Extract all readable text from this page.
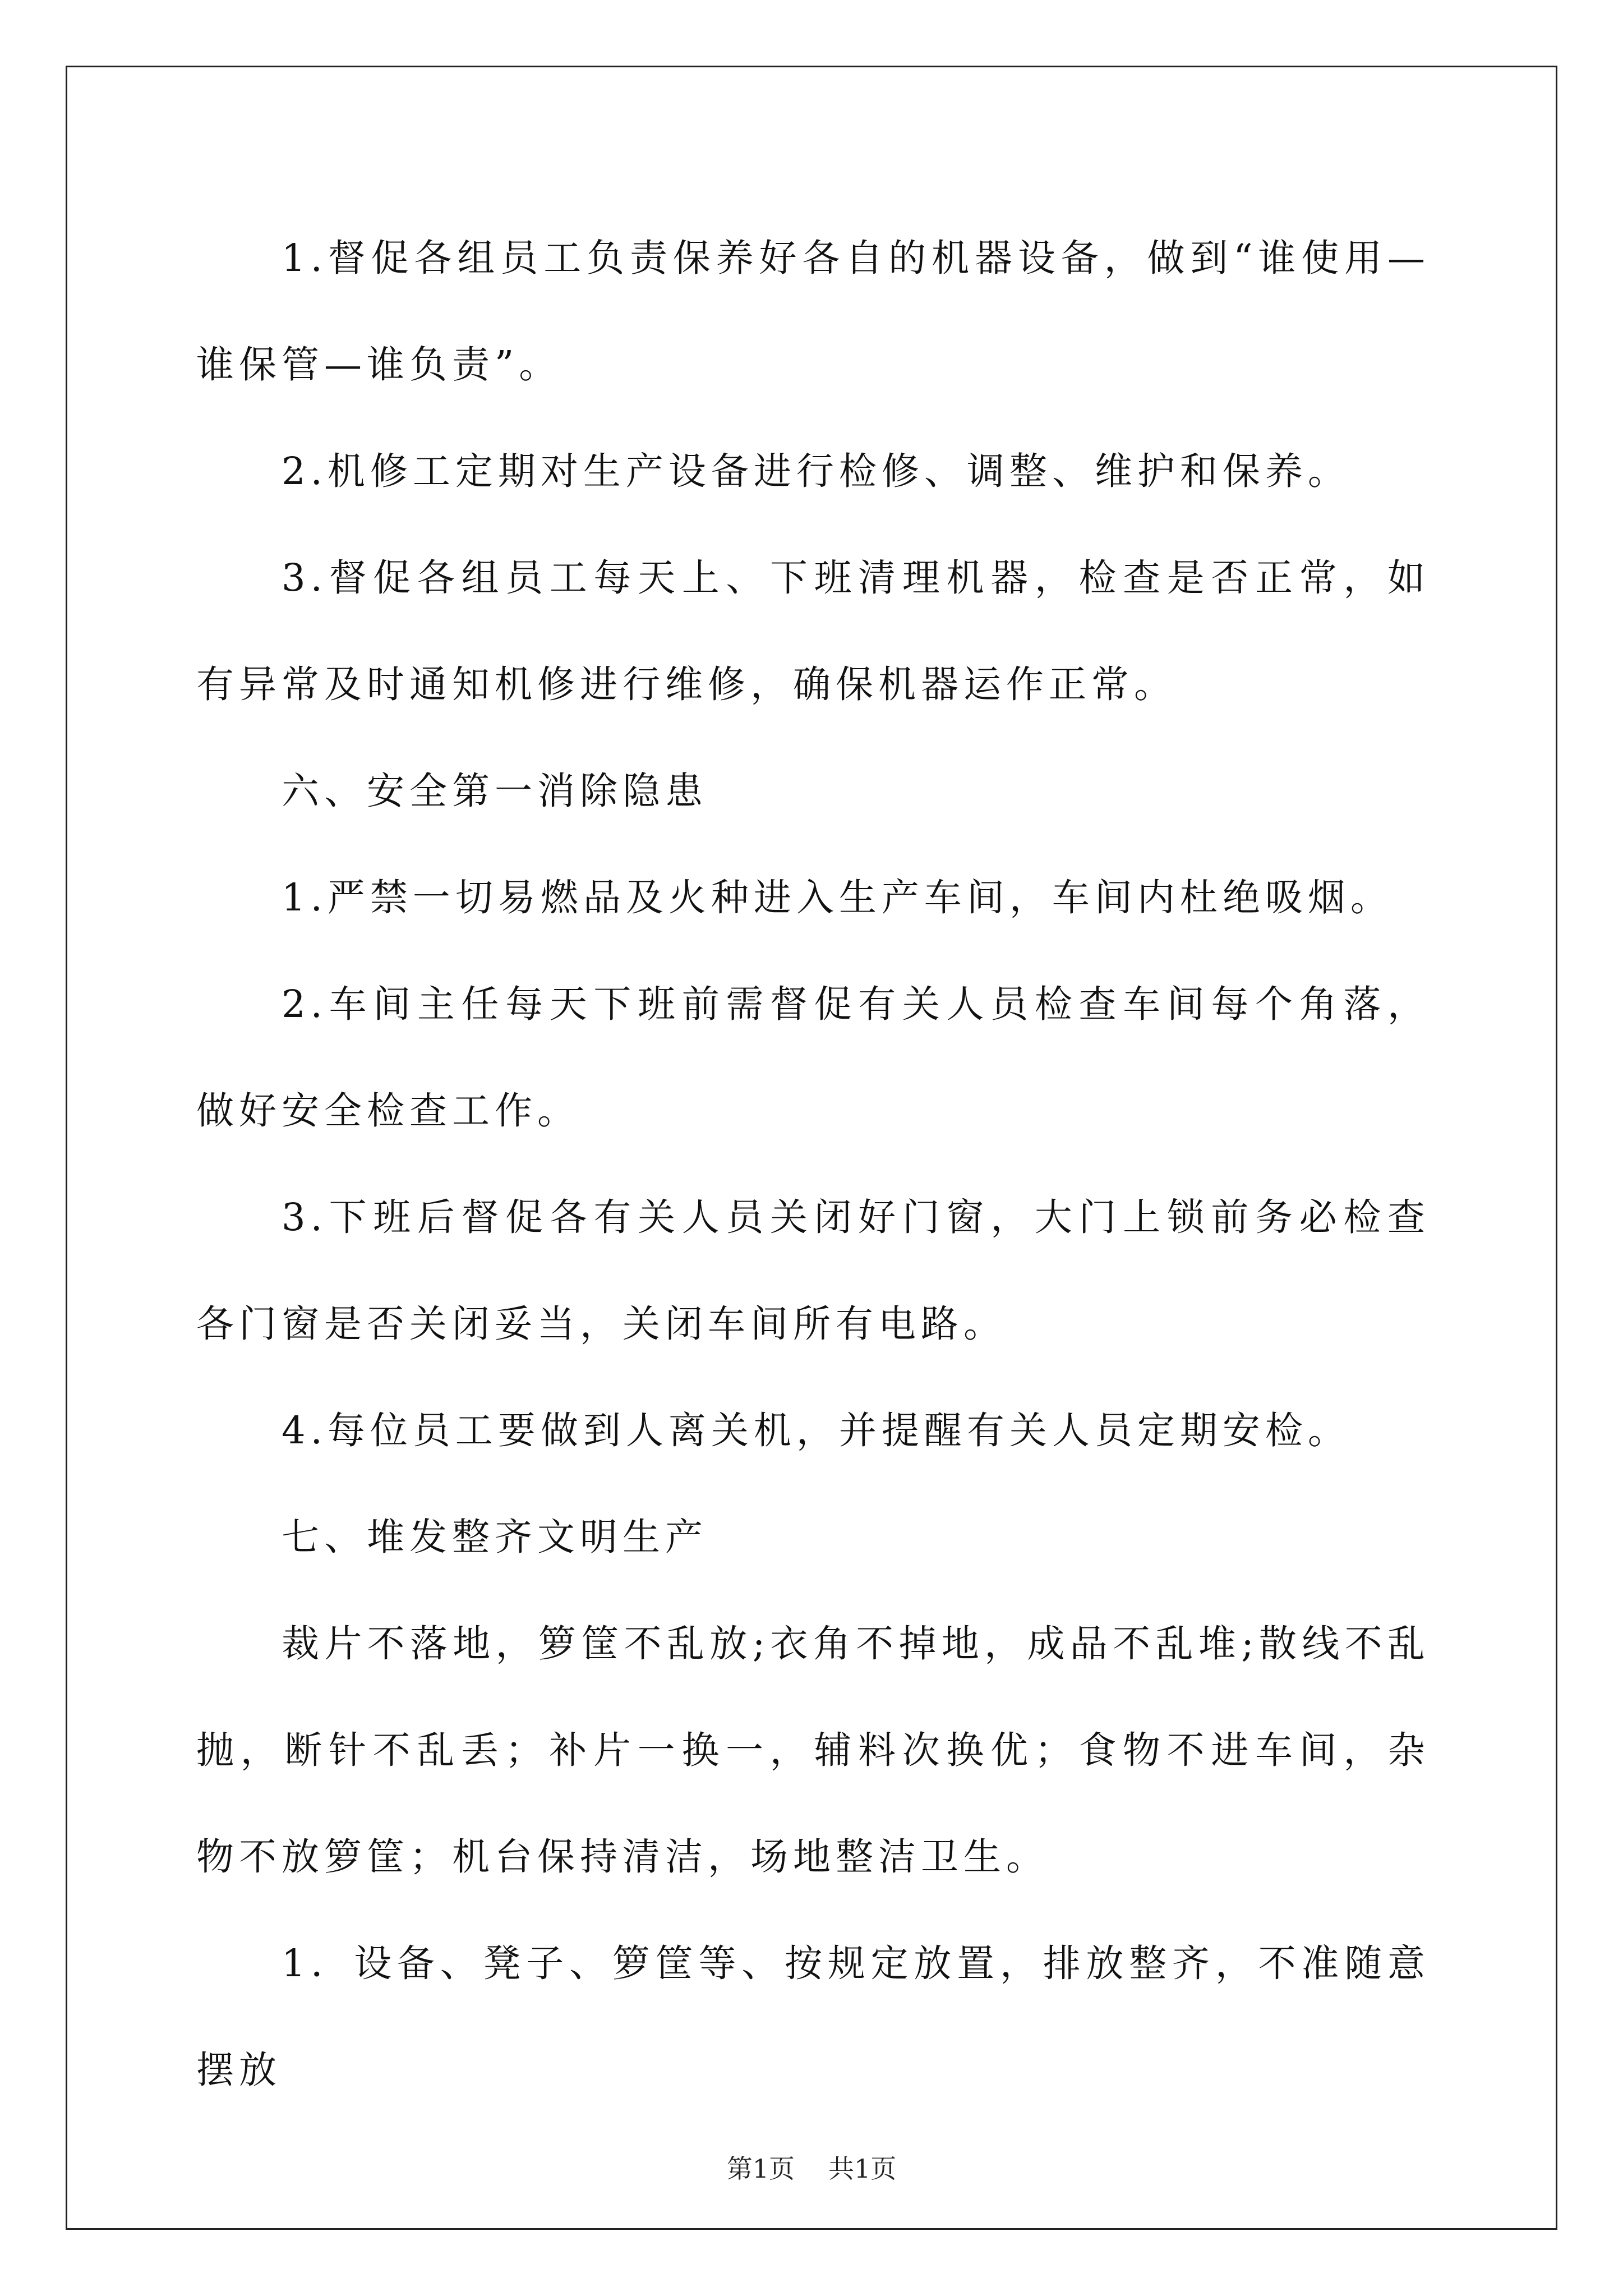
1.督促各组员工负责保养好各自的机器设备，做到“谁使用—谁保管—谁负责”。

2.机修工定期对生产设备进行检修、调整、维护和保养。

3.督促各组员工每天上、下班清理机器，检查是否正常，如有异常及时通知机修进行维修，确保机器运作正常。

六、安全第一消除隐患

1.严禁一切易燃品及火种进入生产车间，车间内杜绝吸烟。

2.车间主任每天下班前需督促有关人员检查车间每个角落，做好安全检查工作。

3.下班后督促各有关人员关闭好门窗，大门上锁前务必检查各门窗是否关闭妥当，关闭车间所有电路。

4.每位员工要做到人离关机，并提醒有关人员定期安检。

七、堆发整齐文明生产

裁片不落地，箩筐不乱放;衣角不掉地，成品不乱堆;散线不乱抛，断针不乱丢；补片一换一，辅料次换优；食物不进车间，杂物不放箩筐；机台保持清洁，场地整洁卫生。

1．设备、凳子、箩筐等、按规定放置，排放整齐，不准随意摆放

第1页 共1页
